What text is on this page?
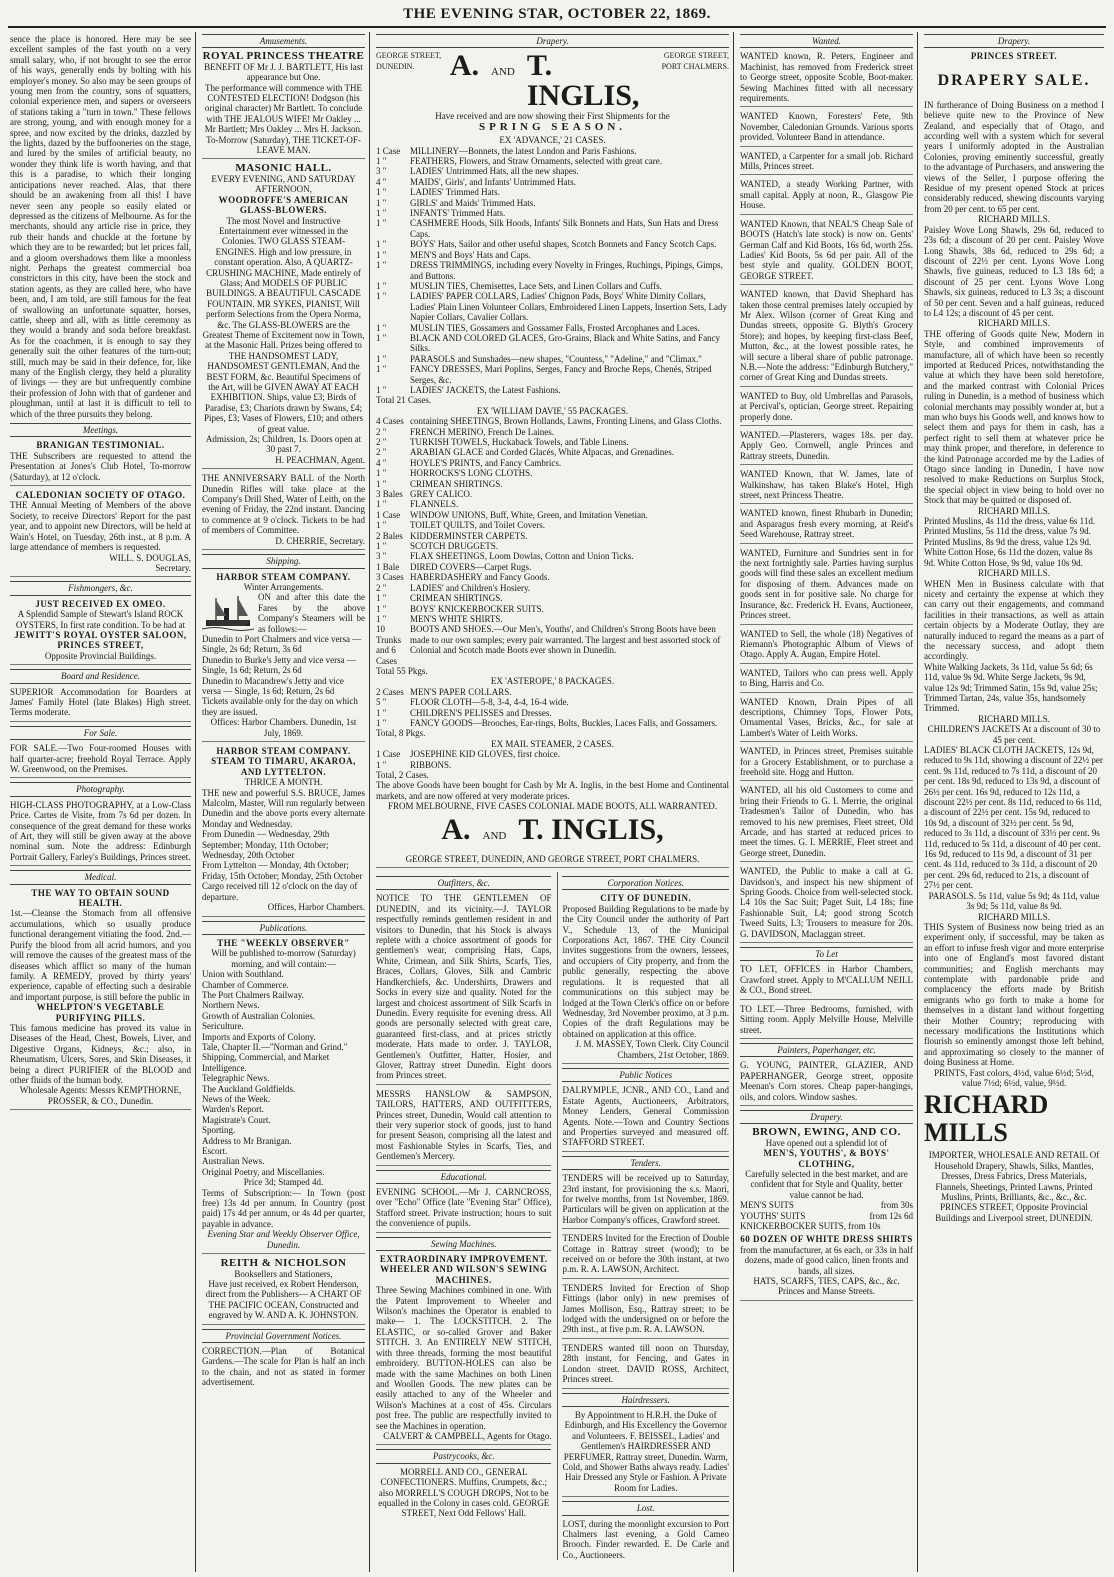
THE EVENING STAR, OCTOBER 22, 1869.
sence the place is honored. Here may be see excellent samples of the fast youth on a very small salary, who, if not brought to see the error of his ways, generally ends by bolting with his employer's money. So also may be seen groups of young men from the country, sons of squatters, colonial experience men, and supers or overseers of stations taking a "turn in town." These fellows are strong, young, and with enough money for a spree, and now excited by the drinks, dazzled by the lights, dazed by the buffooneries on the stage, and lured by the smiles of artificial beauty, no wonder they think life is worth having, and that this is a paradise, to which their longing anticipations never reached. Alas, that there should be an awakening from all this! I have never seen any people so easily elated or depressed as the citizens of Melbourne. As for the merchants, should any article rise in price, they rub their hands and chuckle at the fortune by which they are to be rewarded; but let prices fall, and a gloom overshadows them like a moonless night. Perhaps the greatest commercial boa constrictors in this city, have been the stock and station agents, as they are called here, who have been, and, I am told, are still famous for the feat of swallowing an unfortunate squatter, horses, cattle, sheep and all, with as little ceremony as they would a brandy and soda before breakfast. As for the coachmen, it is enough to say they generally suit the other features of the turn-out; still, much may be said in their defence, for, like many of the English clergy, they held a plurality of livings — they are but unfrequently combine their profession of John with that of gardener and ploughman, until at last it is difficult to tell to which of the three pursuits they belong.
Meetings.
BRANIGAN TESTIMONIAL.
THE Subscribers are requested to attend the Presentation at Jones's Club Hotel, To-morrow (Saturday), at 12 o'clock.
CALEDONIAN SOCIETY OF OTAGO.
THE Annual Meeting of Members of the above Society, to receive Directors' Report for the past year, and to appoint new Directors, will be held at Wain's Hotel, on Tuesday, 26th inst., at 8 p.m. A large attendance of members is requested.
WILL. S. DOUGLAS,
Secretary.
Fishmongers, &c.
JUST RECEIVED EX OMEO.
A Splendid Sample of Stewart's Island ROCK OYSTERS, In first rate condition. To be had at
JEWITT'S ROYAL OYSTER SALOON, PRINCES STREET,
Opposite Provincial Buildings.
Board and Residence.
SUPERIOR Accommodation for Boarders at James' Family Hotel (late Blakes) High street. Terms moderate.
For Sale.
FOR SALE.—Two Four-roomed Houses with half quarter-acre; freehold Royal Terrace. Apply W. Greenwood, on the Premises.
Photography.
HIGH-CLASS PHOTOGRAPHY, at a Low-Class Price. Cartes de Visite, from 7s 6d per dozen. In consequence of the great demand for these works of Art, they will still be given away at the above nominal sum. Note the address: Edinburgh Portrait Gallery, Farley's Buildings, Princes street.
Medical.
THE WAY TO OBTAIN SOUND HEALTH.
1st.—Cleanse the Stomach from all offensive accumulations, which so usually produce functional derangement vitiating the food. 2nd.—Purify the blood from all acrid humors, and you will remove the causes of the greatest mass of the diseases which afflict so many of the human family. A REMEDY, proved by thirty years' experience, capable of effecting such a desirable and important purpose, is still before the public in
WHELPTON'S VEGETABLE PURIFYING PILLS.
This famous medicine has proved its value in Diseases of the Head, Chest, Bowels, Liver, and Digestive Organs, Kidneys, &c.; also, in Rheumatism, Ulcers, Sores, and Skin Diseases, it being a direct PURIFIER of the BLOOD and other fluids of the human body.
Wholesale Agents: Messrs KEMPTHORNE, PROSSER, & CO., Dunedin.
Amusements.
ROYAL PRINCESS THEATRE
BENEFIT OF Mr J. J. BARTLETT, His last appearance but One.
The performance will commence with THE CONTESTED ELECTION! Dodgson (his original character) Mr Bartlett. To conclude with THE JEALOUS WIFE! Mr Oakley ... Mr Bartlett; Mrs Oakley ... Mrs H. Jackson. To-Morrow (Saturday), THE TICKET-OF-LEAVE MAN.
MASONIC HALL.
EVERY EVENING, AND SATURDAY AFTERNOON,
WOODROFFE'S AMERICAN GLASS-BLOWERS.
The most Novel and Instructive Entertainment ever witnessed in the Colonies. TWO GLASS STEAM-ENGINES. High and low pressure, in constant operation. Also, A QUARTZ-CRUSHING MACHINE, Made entirely of Glass; And MODELS OF PUBLIC BUILDINGS. A BEAUTIFUL CASCADE FOUNTAIN. MR SYKES, PIANIST, Will perform Selections from the Opera Norma, &c. The GLASS-BLOWERS are the Greatest Theme of Excitement now in Town, at the Masonic Hall. Prizes being offered to THE HANDSOMEST LADY, HANDSOMEST GENTLEMAN, And the BEST FORM, &c. Beautiful Specimens of the Art, will be GIVEN AWAY AT EACH EXHIBITION. Ships, value £3; Birds of Paradise, £3; Chariots drawn by Swans, £4; Pipes, £3; Vases of Flowers, £10; and others of great value.
Admission, 2s; Children, 1s. Doors open at 30 past 7.
H. PEACHMAN, Agent.
THE ANNIVERSARY BALL of the North Dunedin Rifles will take place at the Company's Drill Shed, Water of Leith, on the evening of Friday, the 22nd instant. Dancing to commence at 9 o'clock. Tickets to be had of members of Committee.
D. CHERRIE, Secretary.
Shipping.
HARBOR STEAM COMPANY.
Winter Arrangements.
ON and after this date the Fares by the above Company's Steamers will be as follows:—
Dunedin to Port Chalmers and vice versa — Single, 2s 6d; Return, 3s 6d
Dunedin to Burke's Jetty and vice versa — Single, 1s 6d; Return, 2s 6d
Dunedin to Macandrew's Jetty and vice versa — Single, 1s 6d; Return, 2s 6d
Tickets available only for the day on which they are issued.
Offices: Harbor Chambers. Dunedin, 1st July, 1869.
HARBOR STEAM COMPANY. STEAM TO TIMARU, AKAROA, AND LYTTELTON.
THRICE A MONTH.
THE new and powerful S.S. BRUCE, James Malcolm, Master, Will run regularly between Dunedin and the above ports every alternate Monday and Wednesday.
From Dunedin — Wednesday, 29th September; Monday, 11th October; Wednesday, 20th October
From Lyttelton — Monday, 4th October; Friday, 15th October; Monday, 25th October
Cargo received till 12 o'clock on the day of departure.
Offices, Harbor Chambers.
Publications.
THE "WEEKLY OBSERVER"
Will be published to-morrow (Saturday) morning, and will contain:—
Union with Southland.
Chamber of Commerce.
The Port Chalmers Railway.
Northern News.
Growth of Australian Colonies.
Sericulture.
Imports and Exports of Colony.
Tale, Chapter II.—"Norman and Grind."
Shipping, Commercial, and Market Intelligence.
Telegraphic News.
The Auckland Goldfields.
News of the Week.
Warden's Report.
Magistrate's Court.
Sporting.
Address to Mr Branigan.
Escort.
Australian News.
Original Poetry, and Miscellanies.
Price 3d; Stamped 4d.
Terms of Subscription:— In Town (post free) 13s 4d per annum. In Country (post paid) 17s 4d per annum, or 4s 4d per quarter, payable in advance.
Evening Star and Weekly Observer Office, Dunedin.
REITH & NICHOLSON
Booksellers and Stationers,
Have just received, ex Robert Henderson, direct from the Publishers— A CHART OF THE PACIFIC OCEAN, Constructed and engraved by W. AND A. K. JOHNSTON.
Provincial Government Notices.
CORRECTION.—Plan of Botanical Gardens.—The scale for Plan is half an inch to the chain, and not as stated in former advertisement.
Drapery.
GEORGE STREET, DUNEDIN.	A. AND T. INGLIS,
GEORGE STREET, PORT CHALMERS.
Have received and are now showing their First Shipments for the
SPRING SEASON.
EX 'ADVANCE,' 21 CASES.
1 Case	MILLINERY—Bonnets, the latest London and Paris Fashions.
1 "	FEATHERS, Flowers, and Straw Ornaments, selected with great care.
3 "	LADIES' Untrimmed Hats, all the new shapes.
4 "	MAIDS', Girls', and Infants' Untrimmed Hats.
1 "	LADIES' Trimmed Hats.
1 "	GIRLS' and Maids' Trimmed Hats.
1 "	INFANTS' Trimmed Hats.
1 "	CASHMERE Hoods, Silk Hoods, Infants' Silk Bonnets and Hats, Sun Hats and Dress Caps.
1 "	BOYS' Hats, Sailor and other useful shapes, Scotch Bonnets and Fancy Scotch Caps.
1 "	MEN'S and Boys' Hats and Caps.
1 "	DRESS TRIMMINGS, including every Novelty in Fringes, Ruchings, Pipings, Gimps, and Buttons.
1 "	MUSLIN TIES, Chemisettes, Lace Sets, and Linen Collars and Cuffs.
1 "	LADIES' PAPER COLLARS, Ladies' Chignon Pads, Boys' White Dimity Collars, Ladies' Plain Linen Volunteer Collars, Embroidered Linen Lappets, Insertion Sets, Lady Napier Collars, Cavalier Collars.
1 "	MUSLIN TIES, Gossamers and Gossamer Falls, Frosted Arcophanes and Laces.
1 "	BLACK AND COLORED GLACES, Gro-Grains, Black and White Satins, and Fancy Silks.
1 "	PARASOLS and Sunshades—new shapes, "Countess," "Adeline," and "Climax."
1 "	FANCY DRESSES, Mari Poplins, Serges, Fancy and Broche Reps, Chenés, Striped Serges, &c.
1 "	LADIES' JACKETS, the Latest Fashions.
Total 21 Cases.
EX 'WILLIAM DAVIE,' 55 PACKAGES.
4 Cases containing SHEETINGS, Brown Hollands, Lawns, Fronting Linens, and Glass Cloths.
2 "	FRENCH MERINO, French De Laines.
2 "	TURKISH TOWELS, Huckaback Towels, and Table Linens.
2 "	ARABIAN GLACE and Corded Glacés, White Alpacas, and Grenadines.
4 "	HOYLE'S PRINTS, and Fancy Cambrics.
1 "	HORROCKS'S LONG CLOTHS.
1 "	CRIMEAN SHIRTINGS.
3 Bales GREY CALICO.
1 "	FLANNELS.
1 Case	WINDOW UNIONS, Buff, White, Green, and Imitation Venetian.
1 "	TOILET QUILTS, and Toilet Covers.
2 Bales KIDDERMINSTER CARPETS.
1 "	SCOTCH DRUGGETS.
3 "	FLAX SHEETINGS, Loom Dowlas, Cotton and Union Ticks.
1 Bale	DIRED COVERS—Carpet Rugs.
3 Cases HABERDASHERY and Fancy Goods.
2 "	LADIES' and Children's Hosiery.
1 "	CRIMEAN SHIRTINGS.
1 "	BOYS' KNICKERBOCKER SUITS.
1 "	MEN'S WHITE SHIRTS.
10 Trunks and 6 Cases
BOOTS AND SHOES.—Our Men's, Youths', and Children's Strong Boots have been made to our own samples; every pair warranted. The largest and best assorted stock of Colonial and Scotch made Boots ever shown in Dunedin.
Total 55 Pkgs.
EX 'ASTEROPE,' 8 PACKAGES.
2 Cases MEN'S PAPER COLLARS.
5 "	FLOOR CLOTH—5-8, 3-4, 4-4, 16-4 wide.
1 "	CHILDREN'S PELISSES and Dresses.
1 "	FANCY GOODS—Brooches, Ear-rings, Bolts, Buckles, Laces Falls, and Gossamers.
Total, 8 Pkgs.
EX MAIL STEAMER, 2 CASES.
1 Case	JOSEPHINE KID GLOVES, first choice.
1 "	RIBBONS.
Total, 2 Cases.
The above Goods have been bought for Cash by Mr A. Inglis, in the best Home and Continental markets, and are now offered at very moderate prices.
FROM MELBOURNE, FIVE CASES COLONIAL MADE BOOTS, ALL WARRANTED.
A. AND T. INGLIS,
GEORGE STREET, DUNEDIN, AND GEORGE STREET, PORT CHALMERS.
Outfitters, &c.
NOTICE TO THE GENTLEMEN OF DUNEDIN, and its vicinity.—J. TAYLOR respectfully reminds gentlemen resident in and visitors to Dunedin, that his Stock is always replete with a choice assortment of goods for gentlemen's wear, comprising Hats, Caps, White, Crimean, and Silk Shirts, Scarfs, Ties, Braces, Collars, Gloves, Silk and Cambric Handkerchiefs, &c. Undershirts, Drawers and Socks in every size and quality. Noted for the largest and choicest assortment of Silk Scarfs in Dunedin. Every requisite for evening dress. All goods are personally selected with great care, guaranteed first-class, and at prices strictly moderate. Hats made to order. J. TAYLOR, Gentlemen's Outfitter, Hatter, Hosier, and Glover, Rattray street Dunedin. Eight doors from Princes street.
MESSRS HANSLOW & SAMPSON, TAILORS, HATTERS, AND OUTFITTERS, Princes street, Dunedin, Would call attention to their very superior stock of goods, just to hand for present Season, comprising all the latest and most Fashionable Styles in Scarfs, Ties, and Gentlemen's Mercery.
Educational.
EVENING SCHOOL.—Mr J. CARNCROSS, over "Echo" Office (late "Evening Star" Office), Stafford street. Private instruction; hours to suit the convenience of pupils.
Sewing Machines.
EXTRAORDINARY IMPROVEMENT. WHEELER AND WILSON'S SEWING MACHINES.
Three Sewing Machines combined in one. With the Patent Improvement to Wheeler and Wilson's machines the Operator is enabled to make— 1. The LOCKSTITCH. 2. The ELASTIC, or so-called Grover and Baker STITCH. 3. An ENTIRELY NEW STITCH, with three threads, forming the most beautiful embroidery. BUTTON-HOLES can also be made with the same Machines on both Linen and Woollen Goods. The new plates can be easily attached to any of the Wheeler and Wilson's Machines at a cost of 45s. Circulars post free. The public are respectfully invited to see the Machines in operation.
CALVERT & CAMPBELL, Agents for Otago.
Pastrycooks, &c.
MORRELL AND CO., GENERAL CONFECTIONERS. Muffins, Crumpets, &c.; also MORRELL'S COUGH DROPS, Not to be equalled in the Colony in cases cold. GEORGE STREET, Next Odd Fellows' Hall.
Corporation Notices.
CITY OF DUNEDIN.
Proposed Building Regulations to be made by the City Council under the authority of Part V., Schedule 13, of the Municipal Corporations Act, 1867. THE City Council invites suggestions from the owners, lessees, and occupiers of City property, and from the public generally, respecting the above regulations. It is requested that all communications on this subject may be lodged at the Town Clerk's office on or before Wednesday, 3rd November proximo, at 3 p.m. Copies of the draft Regulations may be obtained on application at this office.
J. M. MASSEY, Town Clerk. City Council Chambers, 21st October, 1869.
Public Notices
DALRYMPLE, JCNR., AND CO., Land and Estate Agents, Auctioneers, Arbitrators, Money Lenders, General Commission Agents. Note.—Town and Country Sections and Properties surveyed and measured off. STAFFORD STREET.
Tenders.
TENDERS will be received up to Saturday, 23rd instant, for provisioning the s.s. Maori, for twelve months, from 1st November, 1869. Particulars will be given on application at the Harbor Company's offices, Crawford street.
TENDERS Invited for the Erection of Double Cottage in Rattray street (wood); to be received on or before the 30th instant, at two p.m. R. A. LAWSON, Architect.
TENDERS Invited for Erection of Shop Fittings (labor only) in new premises of James Mollison, Esq., Rattray street; to be lodged with the undersigned on or before the 29th inst., at five p.m. R. A. LAWSON.
TENDERS wanted till noon on Thursday, 28th instant, for Fencing, and Gates in London street. DAVID ROSS, Architect, Princes street.
Hairdressers.
By Appointment to H.R.H. the Duke of Edinburgh, and His Excellency the Governor and Volunteers. F. BEISSEL, Ladies' and Gentlemen's HAIRDRESSER AND PERFUMER, Rattray street, Dunedin. Warm, Cold, and Shower Baths always ready. Ladies' Hair Dressed any Style or Fashion. A Private Room for Ladies.
Lost.
LOST, during the moonlight excursion to Port Chalmers last evening, a Gold Cameo Brooch. Finder rewarded. E. De Carle and Co., Auctioneers.
Wanted.
WANTED known, R. Peters, Engineer and Machinist, has removed from Frederick street to George street, opposite Scoble, Boot-maker. Sewing Machines fitted with all necessary requirements.
WANTED Known, Foresters' Fete, 9th November, Caledonian Grounds. Various sports provided. Volunteer Band in attendance.
WANTED, a Carpenter for a small job. Richard Mills, Princes street.
WANTED, a steady Working Partner, with small capital. Apply at noon, R., Glasgow Pie House.
WANTED Known, that NEAL'S Cheap Sale of BOOTS (Hatch's late stock) is now on. Gents' German Calf and Kid Boots, 16s 6d, worth 25s. Ladies' Kid Boots, 5s 6d per pair. All of the best style and quality. GOLDEN BOOT, GEORGE STREET.
WANTED known, that David Shephard has taken those central premises lately occupied by Mr Alex. Wilson (corner of Great King and Dundas streets, opposite G. Blyth's Grocery Store); and hopes, by keeping first-class Beef, Mutton, &c., at the lowest possible rates, he will secure a liberal share of public patronage. N.B.—Note the address: "Edinburgh Butchery," corner of Great King and Dundas streets.
WANTED to Buy, old Umbrellas and Parasols, at Percival's, optician, George street. Repairing properly done.
WANTED.—Plasterers, wages 18s. per day. Apply Geo. Cornwell, angle Princes and Rattray streets, Dunedin.
WANTED Known, that W. James, late of Walkinshaw, has taken Blake's Hotel, High street, next Princess Theatre.
WANTED known, finest Rhubarb in Dunedin; and Asparagus fresh every morning, at Reid's Seed Warehouse, Rattray street.
WANTED, Furniture and Sundries sent in for the next fortnightly sale. Parties having surplus goods will find these sales an excellent medium for disposing of them. Advances made on goods sent in for positive sale. No charge for Insurance, &c. Frederick H. Evans, Auctioneer, Princes street.
WANTED to Sell, the whole (18) Negatives of Riemann's Photographic Album of Views of Otago. Apply A. Augan, Empire Hotel.
WANTED, Tailors who can press well. Apply to Bing, Harris and Co.
WANTED Known, Drain Pipes of all descriptions, Chimney Tops, Flower Pots, Ornamental Vases, Bricks, &c., for sale at Lambert's Water of Leith Works.
WANTED, in Princes street, Premises suitable for a Grocery Establishment, or to purchase a freehold site. Hogg and Hutton.
WANTED, all his old Customers to come and bring their Friends to G. I. Merrie, the original Tradesmen's Tailor of Dunedin, who has removed to his new premises, Fleet street, Old Arcade, and has started at reduced prices to meet the times. G. I. MERRIE, Fleet street and George street, Dunedin.
WANTED, the Public to make a call at G. Davidson's, and inspect his new shipment of Spring Goods. Choice from well-selected stock. L4 10s the Sac Suit; Paget Suit, L4 18s; fine Fashionable Suit, L4; good strong Scotch Tweed Suits, L3; Trousers to measure for 20s. G. DAVIDSON, Maclaggan street.
To Let
TO LET, OFFICES in Harbor Chambers, Crawford street. Apply to M'CALLUM NEILL & CO., Bond street.
TO LET.—Three Bedrooms, furnished, with Sitting room. Apply Melville House, Melville street.
Painters, Paperhanger, etc.
G. YOUNG, PAINTER, GLAZIER, AND PAPERHANGER, George street, opposite Meenan's Corn stores. Cheap paper-hangings, oils, and colors. Window sashes.
Drapery.
BROWN, EWING, AND CO.
Have opened out a splendid lot of
MEN'S, YOUTHS', & BOYS' CLOTHING,
Carefully selected in the best market, and are confident that for Style and Quality, better value cannot be had.
MEN'S SUITS	from 30s
YOUTHS' SUITS	from 12s 6d
KNICKERBOCKER SUITS, from 10s
60 DOZEN OF WHITE DRESS SHIRTS
from the manufacturer, at 6s each, or 33s in half dozens, made of good calico, linen fronts and bands, all sizes.
HATS, SCARFS, TIES, CAPS, &c., &c.
Princes and Manse Streets.
Drapery.
PRINCES STREET.
DRAPERY SALE.
IN furtherance of Doing Business on a method I believe quite new to the Province of New Zealand, and especially that of Otago, and according well with a system which for several years I uniformly adopted in the Australian Colonies, proving eminently successful, greatly to the advantage of Purchasers, and answering the views of the Seller, I purpose offering the Residue of my present opened Stock at prices considerably reduced, shewing discounts varying from 20 per cent. to 65 per cent.
RICHARD MILLS.
Paisley Wove Long Shawls, 29s 6d, reduced to 23s 6d; a discount of 20 per cent. Paisley Wove Long Shawls, 38s 6d, reduced to 29s 6d; a discount of 22½ per cent. Lyons Wove Long Shawls, five guineas, reduced to L3 18s 6d; a discount of 25 per cent. Lyons Wove Long Shawls, six guineas, reduced to L3 3s; a discount of 50 per cent. Seven and a half guineas, reduced to L4 12s; a discount of 45 per cent.
RICHARD MILLS.
THE offering of Goods quite New, Modern in Style, and combined improvements of manufacture, all of which have been so recently imported at Reduced Prices, notwithstanding the value at which they have been sold heretofore, and the marked contrast with Colonial Prices ruling in Dunedin, is a method of business which colonial merchants may possibly wonder at, but a man who buys his Goods well, and knows how to select them and pays for them in cash, has a perfect right to sell them at whatever price he may think proper, and therefore, in deference to the kind Patronage accorded me by the Ladies of Otago since landing in Dunedin, I have now resolved to make Reductions on Surplus Stock, the special object in view being to hold over no Stock that may be quitted or disposed of.
RICHARD MILLS.
Printed Muslins, 4s 11d the dress, value 6s 11d. Printed Muslins, 5s 11d the dress, value 7s 9d. Printed Muslins, 8s 9d the dress, value 12s 9d. White Cotton Hose, 6s 11d the dozen, value 8s 9d. White Cotton Hose, 9s 9d, value 10s 9d.
RICHARD MILLS.
WHEN Men in Business calculate with that nicety and certainty the expense at which they can carry out their engagements, and command facilities in their transactions, as well as attain certain objects by a Moderate Outlay, they are naturally induced to regard the means as a part of the necessary success, and adopt them accordingly.
White Walking Jackets, 3s 11d, value 5s 6d; 6s 11d, value 9s 9d. White Serge Jackets, 9s 9d, value 12s 9d; Trimmed Satin, 15s 9d, value 25s; Trimmed Tartan, 24s, value 35s, handsomely Trimmed.
RICHARD MILLS.
CHILDREN'S JACKETS At a discount of 30 to 45 per cent.
LADIES' BLACK CLOTH JACKETS, 12s 9d, reduced to 9s 11d, showing a discount of 22½ per cent. 9s 11d, reduced to 7s 11d, a discount of 20 per cent. 18s 9d, reduced to 13s 9d, a discount of 26½ per cent. 16s 9d, reduced to 12s 11d, a discount 22½ per cent. 8s 11d, reduced to 6s 11d, a discount of 22½ per cent. 15s 9d, reduced to 10s 9d, a discount of 32½ per cent. 5s 9d, reduced to 3s 11d, a discount of 33⅓ per cent. 9s 11d, reduced to 5s 11d, a discount of 40 per cent. 16s 9d, reduced to 11s 9d, a discount of 31 per cent. 4s 11d, reduced to 3s 11d, a discount of 20 per cent. 29s 6d, reduced to 21s, a discount of 27½ per cent.
PARASOLS. 5s 11d, value 5s 9d; 4s 11d, value 3s 9d; 5s 11d, value 8s 9d.
RICHARD MILLS.
THIS System of Business now being tried as an experiment only, if successful, may be taken as an effort to infuse fresh vigor and more enterprise into one of England's most favored distant communities; and English merchants may contemplate with pardonable pride and complacency the efforts made by British emigrants who go forth to make a home for themselves in a distant land without forgetting their Mother Country; reproducing with necessary modifications the Institutions which flourish so eminently amongst those left behind, and approximating so closely to the manner of doing Business at Home.
PRINTS, Fast colors, 4½d, value 6½d; 5½d, value 7½d; 6½d, value, 9½d.
RICHARD MILLS
IMPORTER, WHOLESALE AND RETAIL Of Household Drapery, Shawls, Silks, Mantles, Dresses, Dress Fabrics, Dress Materials, Flannels, Sheetings, Printed Lawns, Printed Muslins, Prints, Brilliants, &c., &c., &c.
PRINCES STREET, Opposite Provincial Buildings and Liverpool street, DUNEDIN.
